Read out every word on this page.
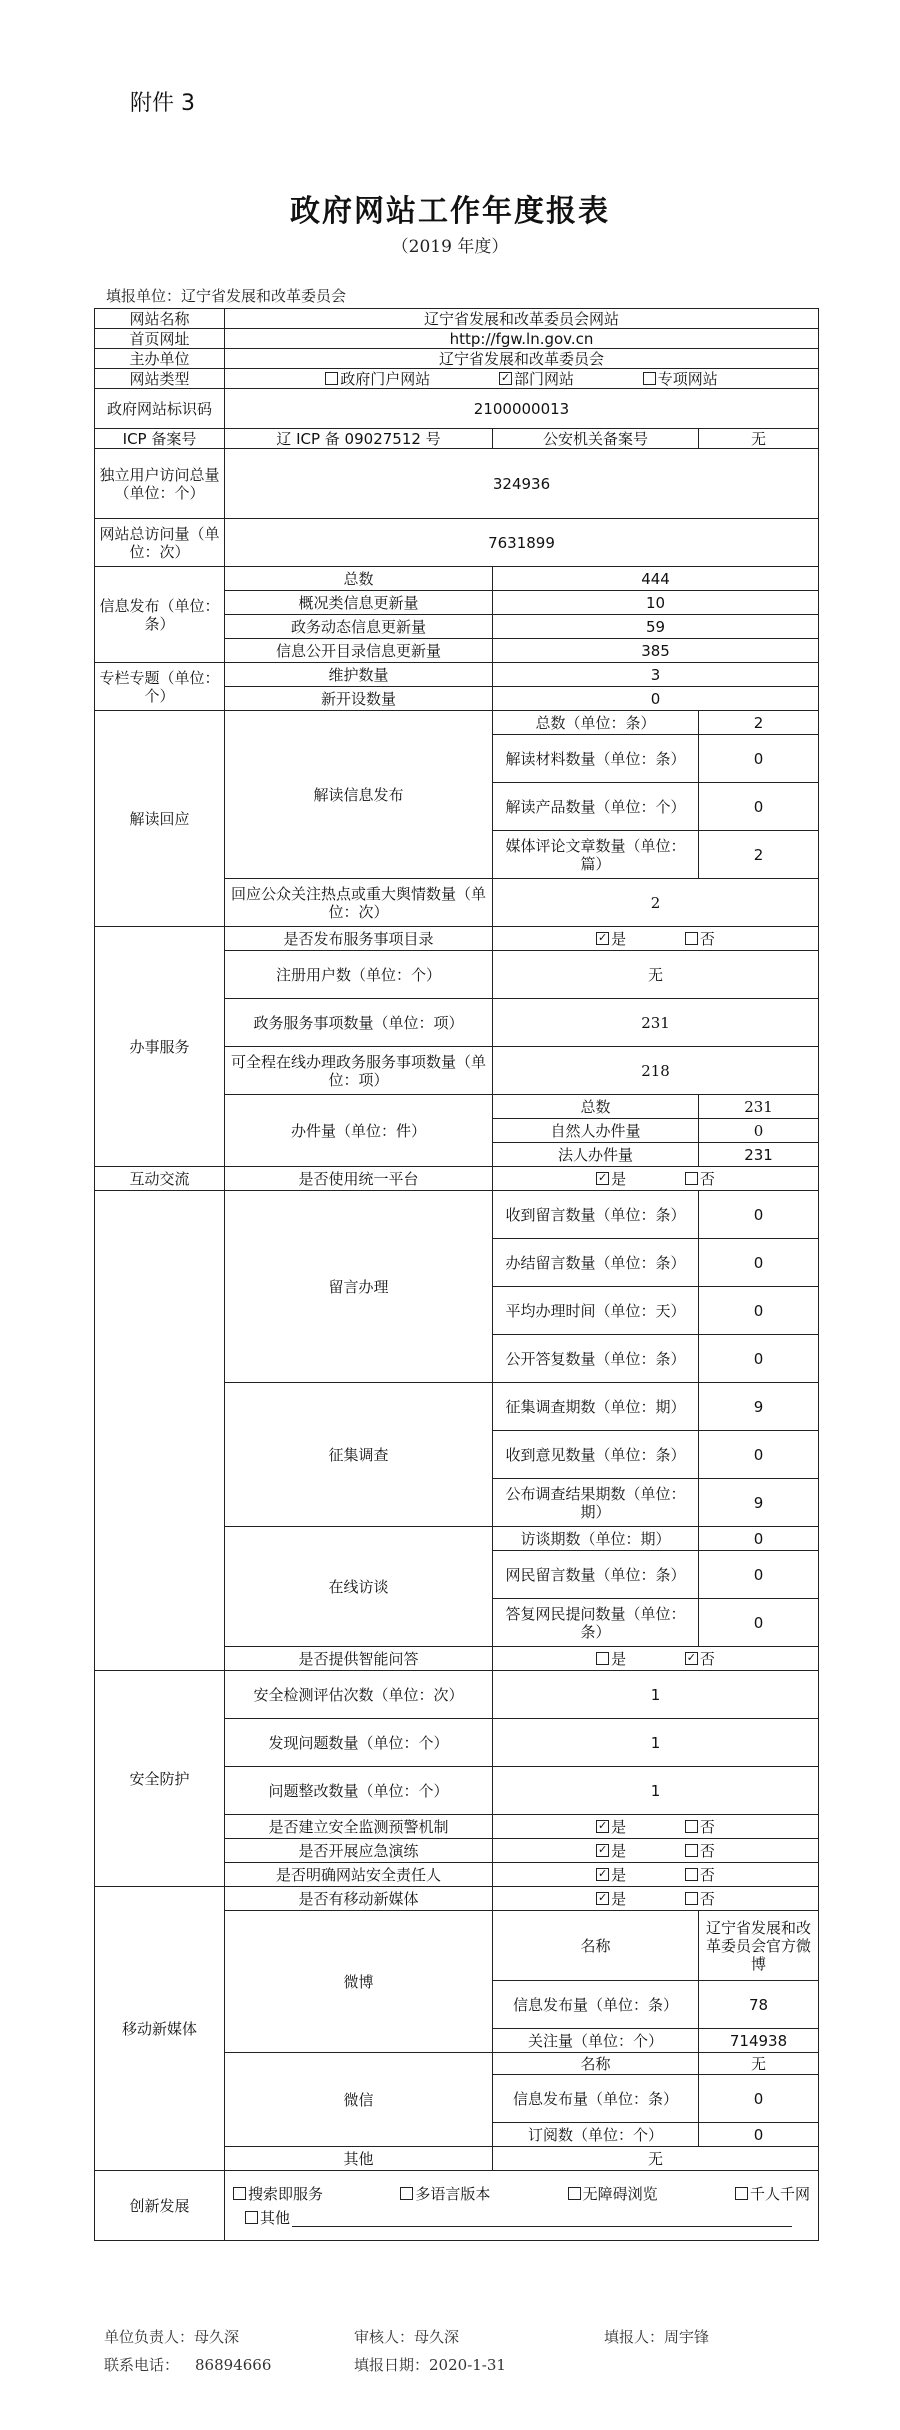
附件 3
政府网站工作年度报表
（2019 年度）
填报单位：辽宁省发展和改革委员会
网站名称	辽宁省发展和改革委员会网站		
首页网址	http://fgw.ln.gov.cn		
主办单位	辽宁省发展和改革委员会		
网站类型	政府门户网站 ✓ 部门网站 专项网站
政府网站标识码	2100000013		
ICP 备案号	辽 ICP 备 09027512 号	公安机关备案号	无
独立用户访问总量（单位：个）	324936		
网站总访问量（单位：次）	7631899		
信息发布（单位：条）	总数	444	
	概况类信息更新量	10	
	政务动态信息更新量	59	
	信息公开目录信息更新量	385	
专栏专题（单位：个）	维护数量	3	
	新开设数量	0	
解读回应	解读信息发布	总数（单位：条）	2
		解读材料数量（单位：条）	0
		解读产品数量（单位：个）	0
		媒体评论文章数量（单位：篇）	2
	回应公众关注热点或重大舆情数量（单位：次）	2	
办事服务	是否发布服务事项目录	✓是 否
	注册用户数（单位：个）	无	
	政务服务事项数量（单位：项）	231	
	可全程在线办理政务服务事项数量（单位：项）	218	
	办件量（单位：件）	总数	231
		自然人办件量	0
		法人办件量	231
互动交流	是否使用统一平台	✓是 否
	留言办理	收到留言数量（单位：条）	0
		办结留言数量（单位：条）	0
		平均办理时间（单位：天）	0
		公开答复数量（单位：条）	0
	征集调查	征集调查期数（单位：期）	9
		收到意见数量（单位：条）	0
		公布调查结果期数（单位：期）	9
	在线访谈	访谈期数（单位：期）	0
		网民留言数量（单位：条）	0
		答复网民提问数量（单位：条）	0
	是否提供智能问答	是 ✓ 否
安全防护	安全检测评估次数（单位：次）	1	
	发现问题数量（单位：个）	1	
	问题整改数量（单位：个）	1	
	是否建立安全监测预警机制	✓是 否
	是否开展应急演练	✓是 否
	是否明确网站安全责任人	✓是 否
移动新媒体	是否有移动新媒体	✓是 否
	微博	名称	辽宁省发展和改革委员会官方微博
		信息发布量（单位：条）	78
		关注量（单位：个）	714938
	微信	名称	无
		信息发布量（单位：条）	0
		订阅数（单位：个）	0
	其他	无	
创新发展	搜索即服务 多语言版本 无障碍浏览 千人千网
其他		
单位负责人：母久深	审核人：母久深	填报人：周宇锋
联系电话： 86894666	填报日期：2020-1-31
